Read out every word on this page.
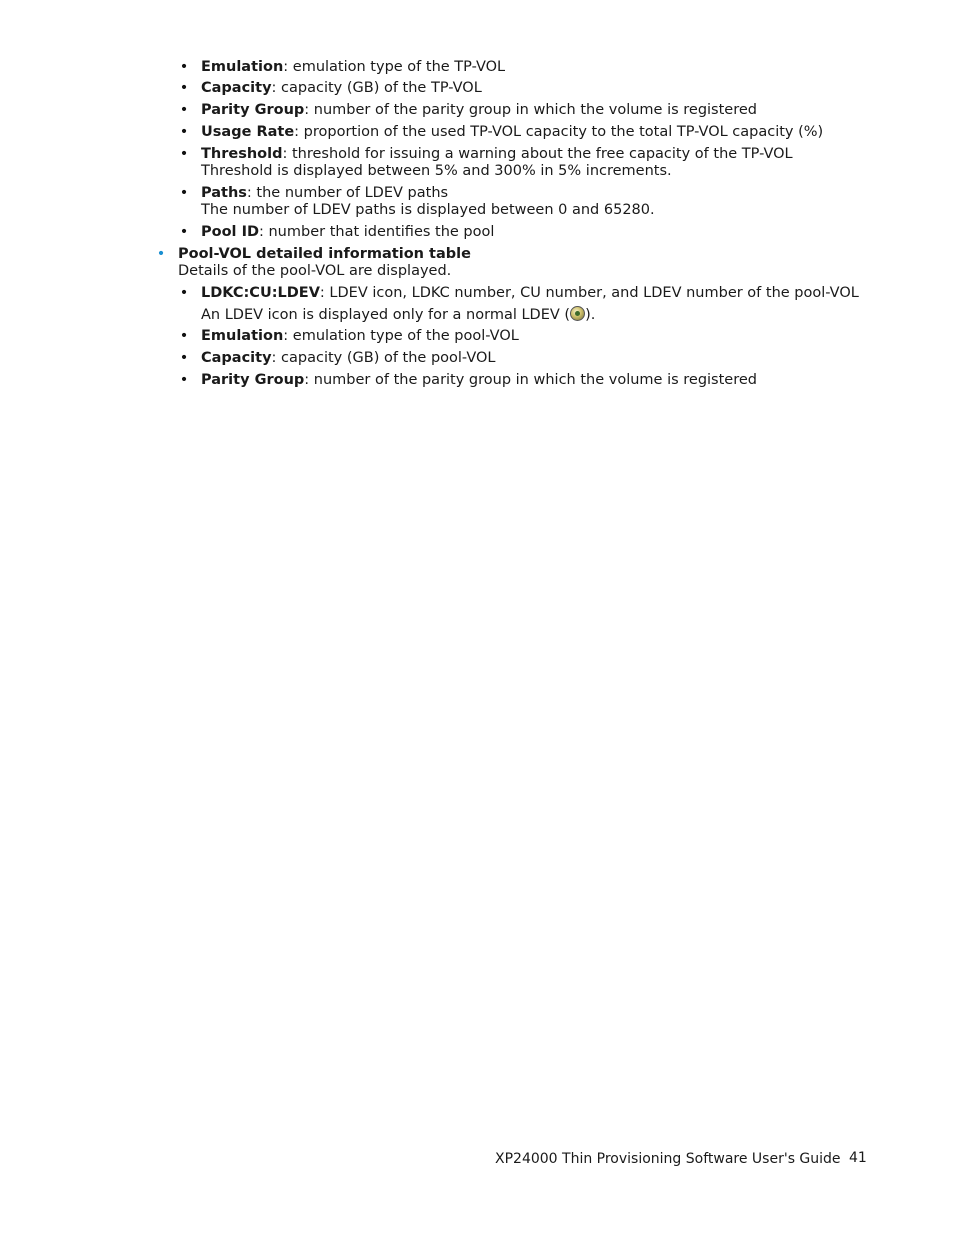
• Emulation: emulation type of the TP-VOL
• Capacity: capacity (GB) of the TP-VOL
• Parity Group: number of the parity group in which the volume is registered
• Usage Rate: proportion of the used TP-VOL capacity to the total TP-VOL capacity (%)
• Threshold: threshold for issuing a warning about the free capacity of the TP-VOL
Threshold is displayed between 5% and 300% in 5% increments.
• Paths: the number of LDEV paths
The number of LDEV paths is displayed between 0 and 65280.
• Pool ID: number that identifies the pool
• Pool-VOL detailed information table
Details of the pool-VOL are displayed.
• LDKC:CU:LDEV: LDEV icon, LDKC number, CU number, and LDEV number of the pool-VOL
An LDEV icon is displayed only for a normal LDEV ( ).
• Emulation: emulation type of the pool-VOL
• Capacity: capacity (GB) of the pool-VOL
• Parity Group: number of the parity group in which the volume is registered
XP24000 Thin Provisioning Software User's Guide 41
